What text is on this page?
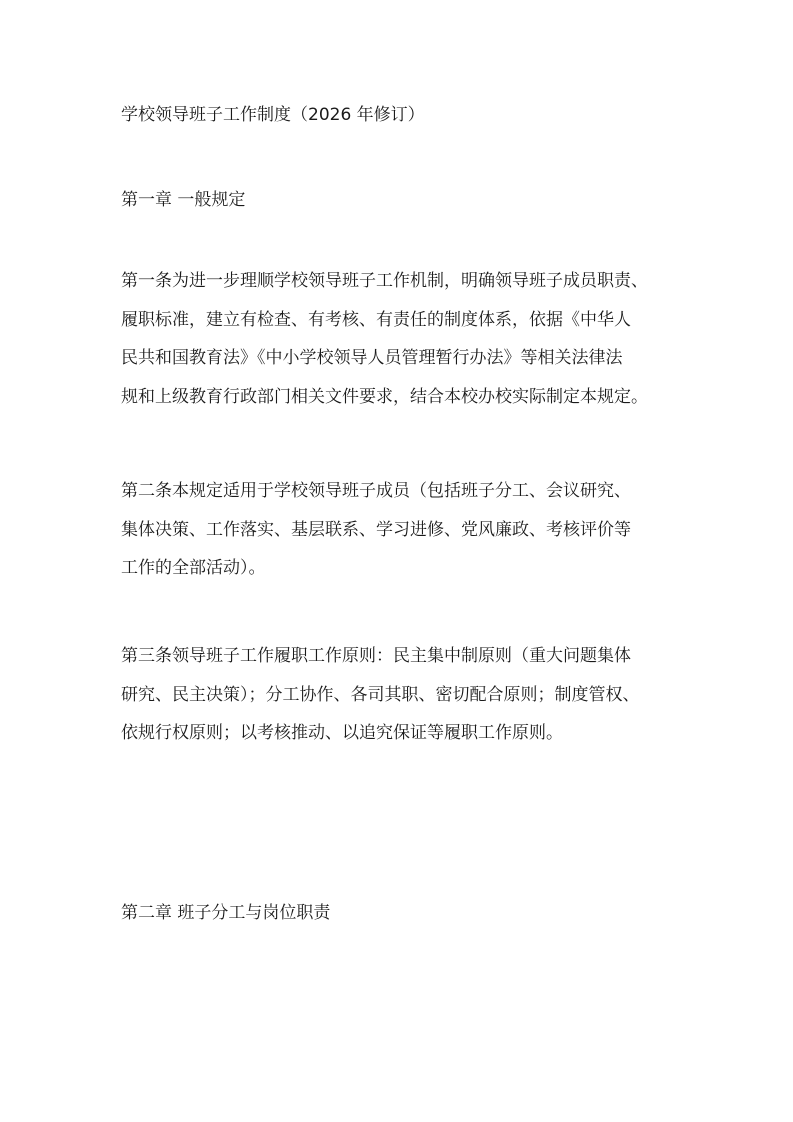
学校领导班子工作制度（2026 年修订）

第一章 一般规定

第一条为进一步理顺学校领导班子工作机制，明确领导班子成员职责、
履职标准，建立有检查、有考核、有责任的制度体系，依据《中华人
民共和国教育法》《中小学校领导人员管理暂行办法》等相关法律法
规和上级教育行政部门相关文件要求，结合本校办校实际制定本规定。
第二条本规定适用于学校领导班子成员（包括班子分工、会议研究、
集体决策、工作落实、基层联系、学习进修、党风廉政、考核评价等
工作的全部活动）。
第三条领导班子工作履职工作原则：民主集中制原则（重大问题集体
研究、民主决策）；分工协作、各司其职、密切配合原则；制度管权、
依规行权原则；以考核推动、以追究保证等履职工作原则。

第二章 班子分工与岗位职责
